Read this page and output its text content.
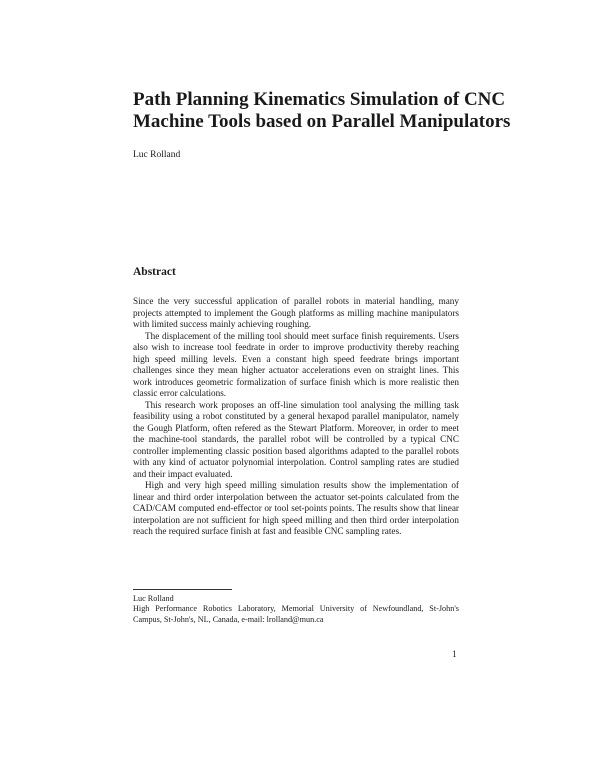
Path Planning Kinematics Simulation of CNC
Machine Tools based on Parallel Manipulators

Luc Rolland

Abstract

Since the very successful application of parallel robots in material handling, many projects attempted to implement the Gough platforms as milling machine manipulators with limited success mainly achieving roughing.

The displacement of the milling tool should meet surface finish requirements. Users also wish to increase tool feedrate in order to improve productivity thereby reaching high speed milling levels. Even a constant high speed feedrate brings important challenges since they mean higher actuator accelerations even on straight lines. This work introduces geometric formalization of surface finish which is more realistic then classic error calculations.

This research work proposes an off-line simulation tool analysing the milling task feasibility using a robot constituted by a general hexapod parallel manipulator, namely the Gough Platform, often refered as the Stewart Platform. Moreover, in order to meet the machine-tool standards, the parallel robot will be controlled by a typical CNC controller implementing classic position based algorithms adapted to the parallel robots with any kind of actuator polynomial interpolation. Control sampling rates are studied and their impact evaluated.

High and very high speed milling simulation results show the implementation of linear and third order interpolation between the actuator set-points calculated from the CAD/CAM computed end-effector or tool set-points points. The results show that linear interpolation are not sufficient for high speed milling and then third order interpolation reach the required surface finish at fast and feasible CNC sampling rates.

Luc Rolland

High Performance Robotics Laboratory, Memorial University of Newfoundland, St-John's Campus, St-John's, NL, Canada, e-mail: lrolland@mun.ca

1
